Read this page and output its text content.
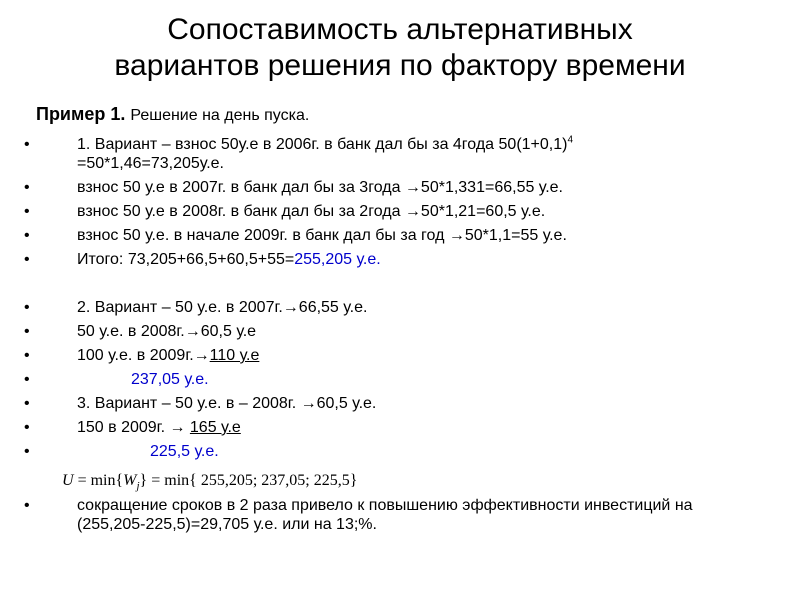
Сопоставимость альтернативных
вариантов решения по фактору времени
Пример 1. Решение на день пуска.
•	1. Вариант – взнос 50у.е в 2006г. в банк дал бы за 4года $50(1+0,1)^4$
=50*1,46=73,205у.е.
•	взнос 50 у.е в 2007г. в банк дал бы за 3года →50*1,331=66,55 у.е.
•	взнос 50 у.е в 2008г. в банк дал бы за 2года →50*1,21=60,5 у.е.
•	взнос 50 у.е. в начале 2009г. в банк дал бы за год →50*1,1=55 у.е.
•	Итого: 73,205+66,5+60,5+55=255,205 у.е.
•	2. Вариант – 50 у.е. в 2007г.→66,55 у.е.
•	50 у.е. в 2008г.→60,5 у.е
•	100 у.е. в 2009г.→110 у.е
•	237,05 у.е.
•	3. Вариант – 50 у.е. в – 2008г. →60,5 у.е.
•	150 в 2009г. → 165 у.е
•	225,5 у.е.
$U = \min\{W_j\} = \min${ 255,205; 237,05; 225,5}
•	сокращение сроков в 2 раза привело к повышению эффективности инвестиций на (255,205-225,5)=29,705 у.е. или на 13;%.
